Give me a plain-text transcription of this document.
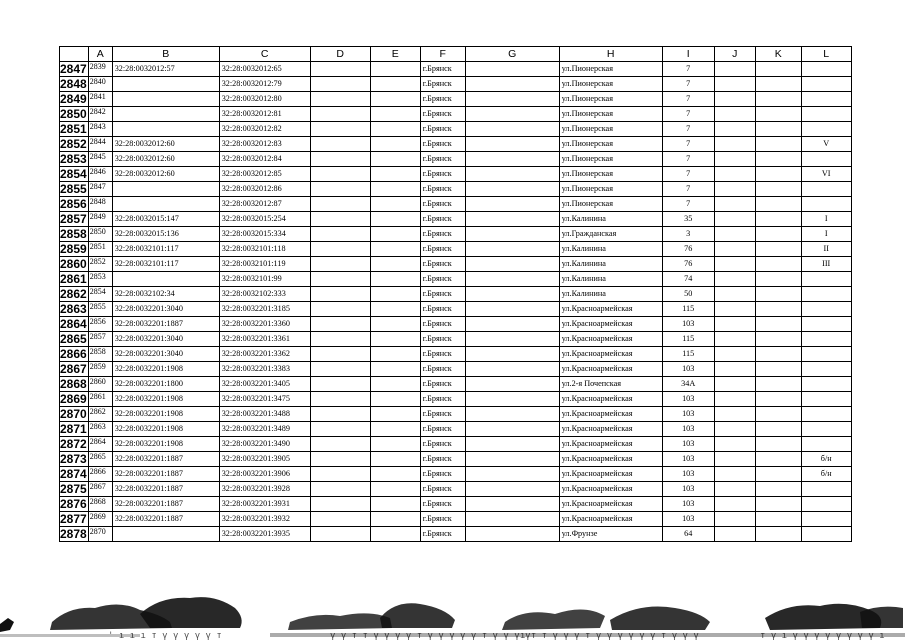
	A	B	C	D	E	F	G	H	I	J	K	L
2847	2839	32:28:0032012:57	32:28:0032012:65			г.Брянск		ул.Пионерская	7			
2848	2840		32:28:0032012:79			г.Брянск		ул.Пионерская	7			
2849	2841		32:28:0032012:80			г.Брянск		ул.Пионерская	7			
2850	2842		32:28:0032012:81			г.Брянск		ул.Пионерская	7			
2851	2843		32:28:0032012:82			г.Брянск		ул.Пионерская	7			
2852	2844	32:28:0032012:60	32:28:0032012:83			г.Брянск		ул.Пионерская	7			V
2853	2845	32:28:0032012:60	32:28:0032012:84			г.Брянск		ул.Пионерская	7			
2854	2846	32:28:0032012:60	32:28:0032012:85			г.Брянск		ул.Пионерская	7			VI
2855	2847		32:28:0032012:86			г.Брянск		ул.Пионерская	7			
2856	2848		32:28:0032012:87			г.Брянск		ул.Пионерская	7			
2857	2849	32:28:0032015:147	32:28:0032015:254			г.Брянск		ул.Калинина	35			I
2858	2850	32:28:0032015:136	32:28:0032015:334			г.Брянск		ул.Гражданская	3			I
2859	2851	32:28:0032101:117	32:28:0032101:118			г.Брянск		ул.Калинина	76			II
2860	2852	32:28:0032101:117	32:28:0032101:119			г.Брянск		ул.Калинина	76			III
2861	2853		32:28:0032101:99			г.Брянск		ул.Калинина	74			
2862	2854	32:28:0032102:34	32:28:0032102:333			г.Брянск		ул.Калинина	50			
2863	2855	32:28:0032201:3040	32:28:0032201:3185			г.Брянск		ул.Красноармейская	115			
2864	2856	32:28:0032201:1887	32:28:0032201:3360			г.Брянск		ул.Красноармейская	103			
2865	2857	32:28:0032201:3040	32:28:0032201:3361			г.Брянск		ул.Красноармейская	115			
2866	2858	32:28:0032201:3040	32:28:0032201:3362			г.Брянск		ул.Красноармейская	115			
2867	2859	32:28:0032201:1908	32:28:0032201:3383			г.Брянск		ул.Красноармейская	103			
2868	2860	32:28:0032201:1800	32:28:0032201:3405			г.Брянск		ул.2-я Почепская	34А			
2869	2861	32:28:0032201:1908	32:28:0032201:3475			г.Брянск		ул.Красноармейская	103			
2870	2862	32:28:0032201:1908	32:28:0032201:3488			г.Брянск		ул.Красноармейская	103			
2871	2863	32:28:0032201:1908	32:28:0032201:3489			г.Брянск		ул.Красноармейская	103			
2872	2864	32:28:0032201:1908	32:28:0032201:3490			г.Брянск		ул.Красноармейская	103			
2873	2865	32:28:0032201:1887	32:28:0032201:3905			г.Брянск		ул.Красноармейская	103			б/н
2874	2866	32:28:0032201:1887	32:28:0032201:3906			г.Брянск		ул.Красноармейская	103			б/н
2875	2867	32:28:0032201:1887	32:28:0032201:3928			г.Брянск		ул.Красноармейская	103			
2876	2868	32:28:0032201:1887	32:28:0032201:3931			г.Брянск		ул.Красноармейская	103			
2877	2869	32:28:0032201:1887	32:28:0032201:3932			г.Брянск		ул.Красноармейская	103			
2878	2870		32:28:0032201:3935			г.Брянск		ул.Фрунзе	64			
' ı ı ı т ү ү ү ү ү т	ү ү т т ү ү ү ү т ү ү ү ү ү т ү ү ү ү
ı т т ү ү ү т ү ү ү ү ү ү т ү ү ү	т ү ı ү ү ү ү ү ү ү ү ı
